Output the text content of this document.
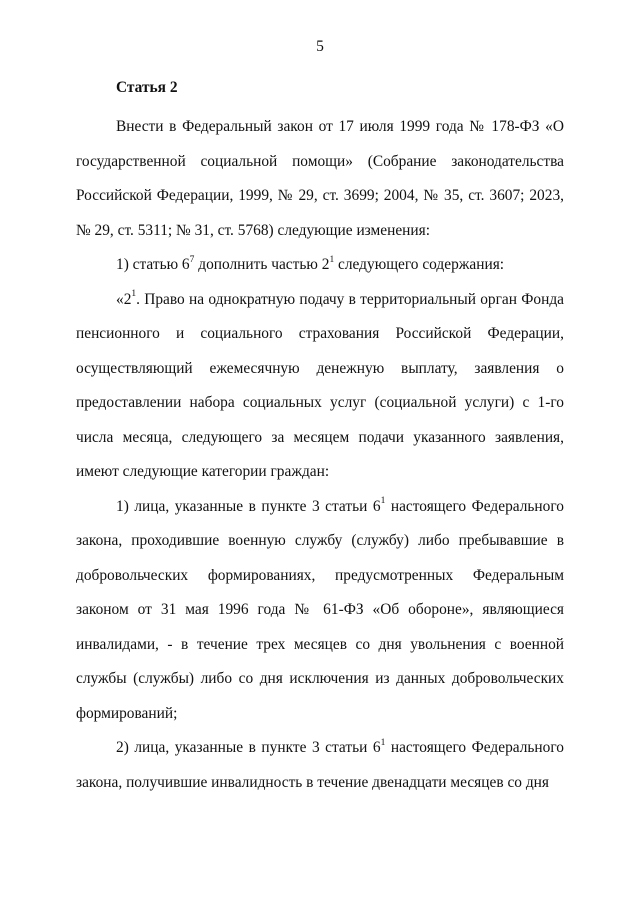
5
Статья 2

Внести в Федеральный закон от 17 июля 1999 года № 178-ФЗ «О государственной социальной помощи» (Собрание законодательства Российской Федерации, 1999, № 29, ст. 3699; 2004, № 35, ст. 3607; 2023, № 29, ст. 5311; № 31, ст. 5768) следующие изменения:

1) статью $6^7$ дополнить частью $2^1$ следующего содержания:

«$2^1$. Право на однократную подачу в территориальный орган Фонда пенсионного и социального страхования Российской Федерации, осуществляющий ежемесячную денежную выплату, заявления о предоставлении набора социальных услуг (социальной услуги) с 1-го числа месяца, следующего за месяцем подачи указанного заявления, имеют следующие категории граждан:

1) лица, указанные в пункте 3 статьи $6^1$ настоящего Федерального закона, проходившие военную службу (службу) либо пребывавшие в добровольческих формированиях, предусмотренных Федеральным законом от 31 мая 1996 года № 61-ФЗ «Об обороне», являющиеся инвалидами, - в течение трех месяцев со дня увольнения с военной службы (службы) либо со дня исключения из данных добровольческих формирований;

2) лица, указанные в пункте 3 статьи $6^1$ настоящего Федерального закона, получившие инвалидность в течение двенадцати месяцев со дня
